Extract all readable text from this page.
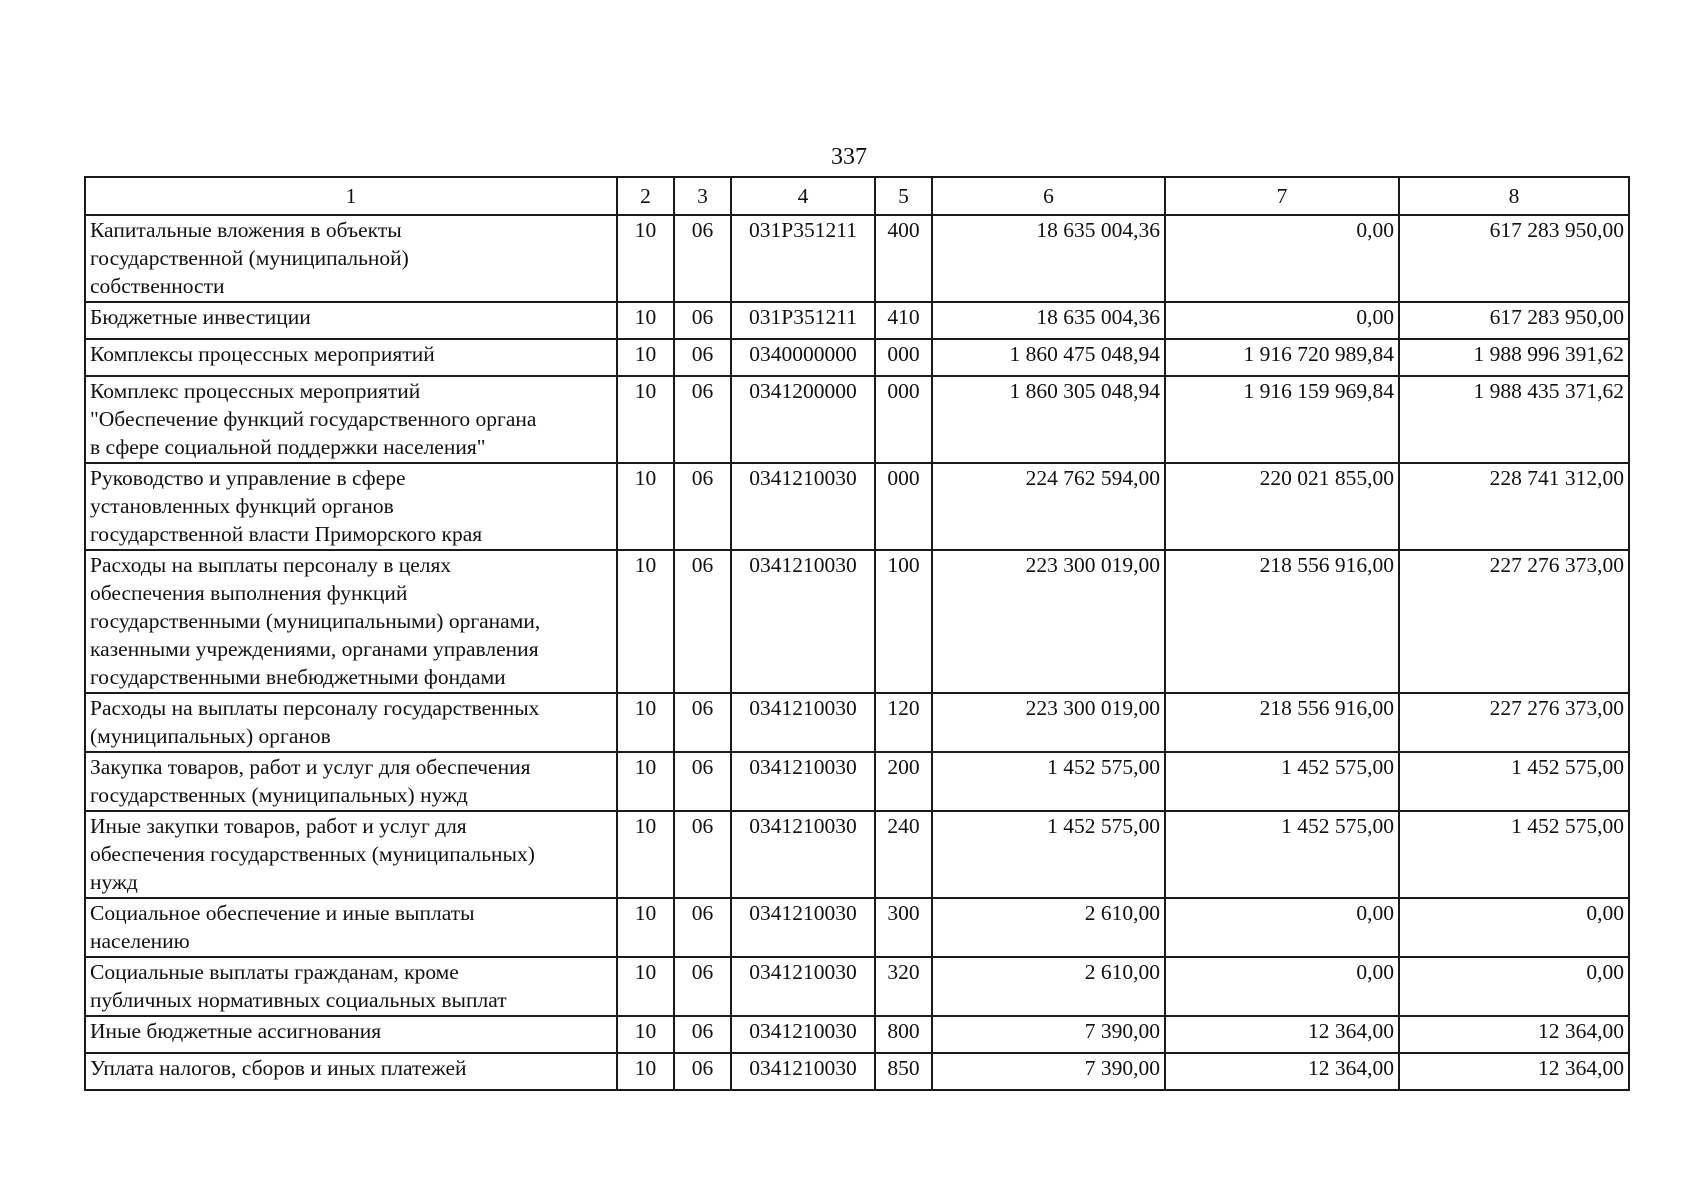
337
1	2	3	4	5	6	7	8
Капитальные вложения в объекты
государственной (муниципальной)
собственности	10	06	031P351211	400	18 635 004,36	0,00	617 283 950,00
Бюджетные инвестиции	10	06	031P351211	410	18 635 004,36	0,00	617 283 950,00
Комплексы процессных мероприятий	10	06	0340000000	000	1 860 475 048,94	1 916 720 989,84	1 988 996 391,62
Комплекс процессных мероприятий
"Обеспечение функций государственного органа
в сфере социальной поддержки населения"	10	06	0341200000	000	1 860 305 048,94	1 916 159 969,84	1 988 435 371,62
Руководство и управление в сфере
установленных функций органов
государственной власти Приморского края	10	06	0341210030	000	224 762 594,00	220 021 855,00	228 741 312,00
Расходы на выплаты персоналу в целях
обеспечения выполнения функций
государственными (муниципальными) органами,
казенными учреждениями, органами управления
государственными внебюджетными фондами	10	06	0341210030	100	223 300 019,00	218 556 916,00	227 276 373,00
Расходы на выплаты персоналу государственных
(муниципальных) органов	10	06	0341210030	120	223 300 019,00	218 556 916,00	227 276 373,00
Закупка товаров, работ и услуг для обеспечения
государственных (муниципальных) нужд	10	06	0341210030	200	1 452 575,00	1 452 575,00	1 452 575,00
Иные закупки товаров, работ и услуг для
обеспечения государственных (муниципальных)
нужд	10	06	0341210030	240	1 452 575,00	1 452 575,00	1 452 575,00
Социальное обеспечение и иные выплаты
населению	10	06	0341210030	300	2 610,00	0,00	0,00
Социальные выплаты гражданам, кроме
публичных нормативных социальных выплат	10	06	0341210030	320	2 610,00	0,00	0,00
Иные бюджетные ассигнования	10	06	0341210030	800	7 390,00	12 364,00	12 364,00
Уплата налогов, сборов и иных платежей	10	06	0341210030	850	7 390,00	12 364,00	12 364,00
